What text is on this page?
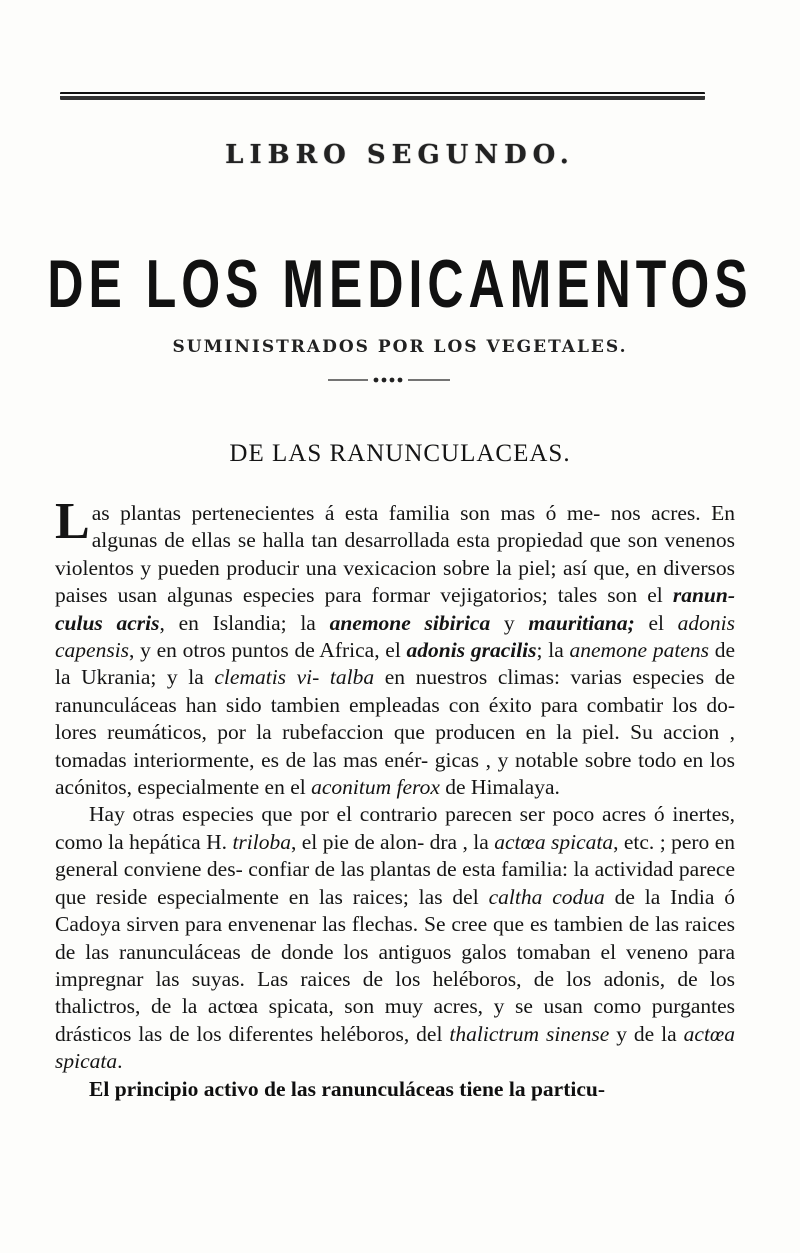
LIBRO SEGUNDO.
DE LOS MEDICAMENTOS
SUMINISTRADOS POR LOS VEGETALES.
DE LAS RANUNCULACEAS.

Las plantas pertenecientes á esta familia son mas ó me- nos acres. En algunas de ellas se halla tan desarrollada esta propiedad que son venenos violentos y pueden producir una vexicacion sobre la piel; así que, en diversos paises usan algunas especies para formar vejigatorios; tales son el ranun- culus acris, en Islandia; la anemone sibirica y mauritiana; el adonis capensis, y en otros puntos de Africa, el adonis gracilis; la anemone patens de la Ukrania; y la clematis vi- talba en nuestros climas: varias especies de ranunculáceas han sido tambien empleadas con éxito para combatir los do- lores reumáticos, por la rubefaccion que producen en la piel. Su accion , tomadas interiormente, es de las mas enér- gicas , y notable sobre todo en los acónitos, especialmente en el aconitum ferox de Himalaya.

Hay otras especies que por el contrario parecen ser poco acres ó inertes, como la hepática H. triloba, el pie de alon- dra , la actœa spicata, etc. ; pero en general conviene des- confiar de las plantas de esta familia: la actividad parece que reside especialmente en las raices; las del caltha codua de la India ó Cadoya sirven para envenenar las flechas. Se cree que es tambien de las raices de las ranunculáceas de donde los antiguos galos tomaban el veneno para impregnar las suyas. Las raices de los heléboros, de los adonis, de los thalictros, de la actœa spicata, son muy acres, y se usan como purgantes drásticos las de los diferentes heléboros, del thalictrum sinense y de la actœa spicata.

El principio activo de las ranunculáceas tiene la particu-
